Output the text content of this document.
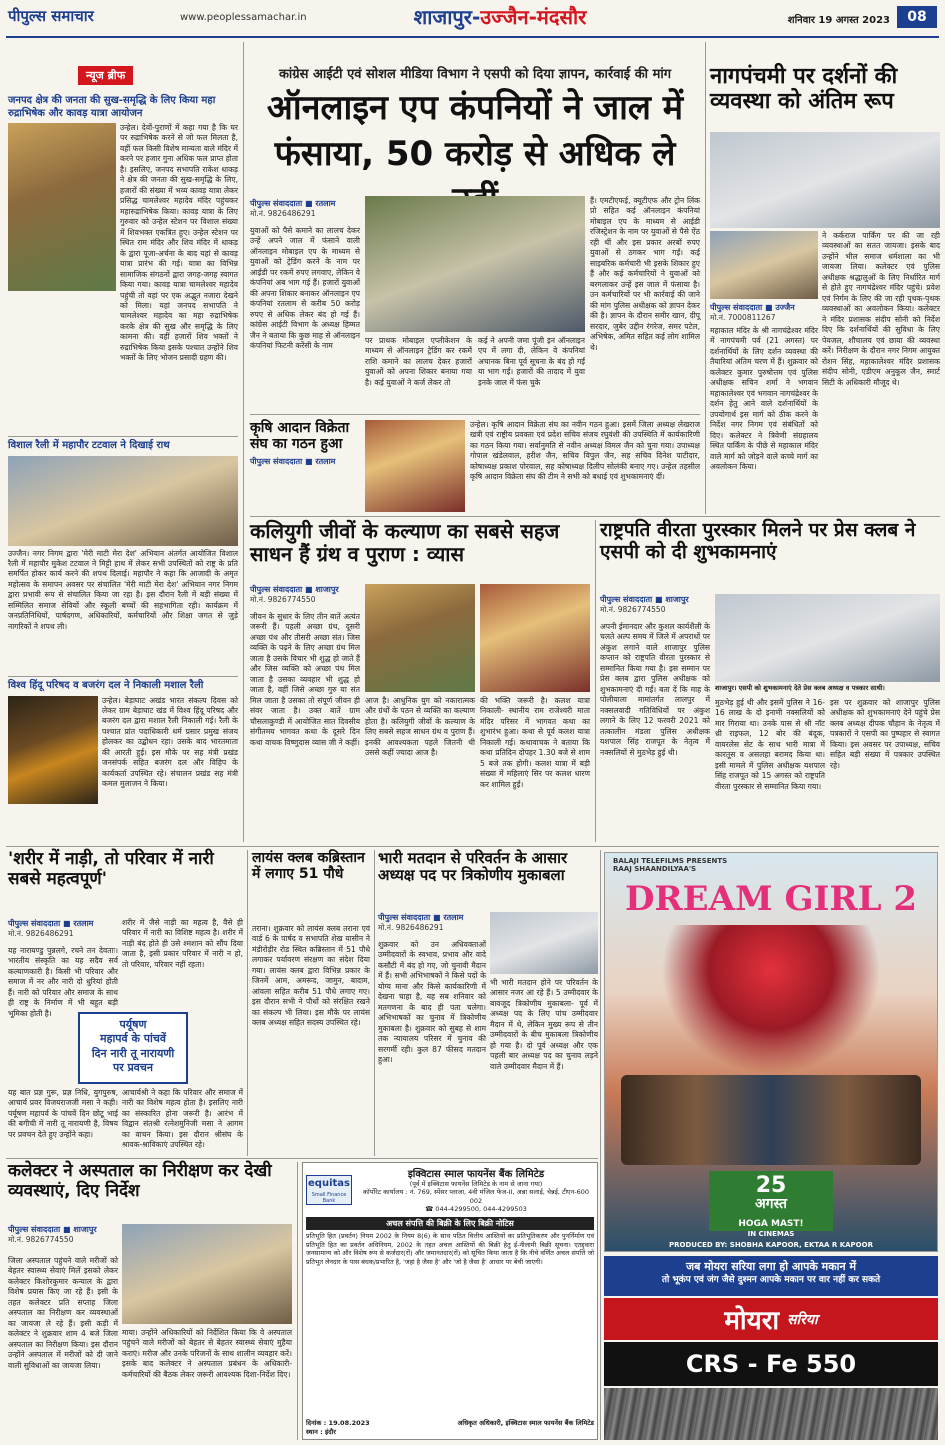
पीपुल्स समाचार	www.peoplessamachar.in	शाजापुर-उज्जैन-मंदसौर	शनिवार 19 अगस्त 2023	08
न्यूज ब्रीफ
जनपद क्षेत्र की जनता की सुख-समृद्धि के लिए किया महा रुद्राभिषेक और कावड़ यात्रा आयोजन
उन्हेल। देवों-पुराणों में कहा गया है कि घर पर रुद्राभिषेक करने से जो फल मिलता है, वहीं फल किसी विशेष मान्यता वाले मंदिर में करने पर हजार गुना अधिक फल प्राप्त होता है। इसलिए, जनपद सभापति राकेश धाकड़ ने क्षेत्र की जनता की सुख-समृद्धि के लिए, हजारों की संख्या में भव्य कावड़ यात्रा लेकर प्रसिद्ध चामलेश्वर महादेव मंदिर पहुंचकर महारुद्राभिषेक किया। कावड़ यात्रा के लिए गुरुवार को उन्हेल स्टेशन पर विशाल संख्या में शिवभक्त एकत्रित हुए। उन्हेल स्टेशन पर स्थित राम मंदिर और शिव मंदिर में धाकड़ के द्वारा पूजा-अर्चना के बाद यहां से कावड़ यात्रा प्रारंभ की गई। यात्रा का विभिन्न सामाजिक संगठनों द्वारा जगह-जगह स्वागत किया गया। कावड़ यात्रा चामलेश्वर महादेव पहुंची तो वहां पर एक अद्भुत नजारा देखने को मिला। यहां जनपद सभापति ने चामलेश्वर महादेव का महा रुद्राभिषेक करके क्षेत्र की सुख और समृद्धि के लिए कामना की। वहीं हजारों शिव भक्तों ने रुद्राभिषेक किया इसके पश्चात उन्होंने शिव भक्तों के लिए भोजन प्रसादी ग्रहण की।
विशाल रैली में महापौर टटवाल ने दिखाई राथ
उज्जैन। नगर निगम द्वारा 'मेरी माटी मेरा देश' अभियान अंतर्गत आयोजित विशाल रैली में महापौर मुकेश टटवाल ने मिट्टी हाथ में लेकर सभी उपस्थितों को राष्ट्र के प्रति समर्पित होकर कार्य करने की शपथ दिलाई। महापौर ने कहा कि आजादी के अमृत महोत्सव के समापन अवसर पर संचालित 'मेरी माटी मेरा देश' अभियान नगर निगम द्वारा प्रभावी रूप से संचालित किया जा रहा है। इस दौरान रैली में बड़ी संख्या में सम्मिलित समाज सेवियों और स्कूली बच्चों की सहभागिता रही। कार्यक्रम में जनप्रतिनिधियों, पार्षदगण, अधिकारियों, कर्मचारियों और शिक्षा जगत से जुड़े नागरिकों ने शपथ ली।
विश्व हिंदू परिषद व बजरंग दल ने निकाली मशाल रैली
उन्हेल। बेड़ाघाट अखंड भारत संकल्प दिवस को लेकर ग्राम बेड़ाघाट खंड में विश्व हिंदू परिषद और बजरंग दल द्वारा मशाल रैली निकाली गई। रैली के पश्चात प्रांत पदाधिकारी धर्म प्रसार प्रमुख संजय होलकर का उद्बोधन रहा। उसके बाद भारतमाता की आरती हुई। इस मौके पर सह मंत्री प्रखंड जनसंपर्क सहित बजरंग दल और विहिप के कार्यकर्ता उपस्थित रहे। संचालन प्रखंड सह मंत्री कमल मुलाजन ने किया।
कांग्रेस आईटी एवं सोशल मीडिया विभाग ने एसपी को दिया ज्ञापन, कार्रवाई की मांग
ऑनलाइन एप कंपनियों ने जाल में फंसाया, 50 करोड़ से अधिक ले
पीपुल्स संवाददाता ■ रतलाम
मो.नं. 9826486291
युवाओं को पैसे कमाने का लालच देकर उन्हें अपने जाल में फंसाने वाली ऑनलाइन मोबाइल एप के माध्यम से युवाओं को ट्रेडिंग करने के नाम पर आईडी पर रकमें रुपए लगवाए, लेकिन वे कंपनियां अब भाग गई हैं। हजारों युवाओं की अपना शिकार बनाकर ऑनलाइन एप कंपनियां रतलाम से करीब 50 करोड़ रुपए से अधिक लेकर बंद हो गई हैं। कांग्रेस आईटी विभाग के अध्यक्ष हिम्मत जैन ने बताया कि कुछ माह से ऑनलाइन कंपनियां फिटनी करेंसी के नाम
पर प्राथक मोबाइल एप्लीकेशन के माध्यम से ऑनलाइन ट्रेडिंग कर रकमें राशि कमाने का लालच देकर हजारों युवाओं को अपना शिकार बनाया गया है। कई युवाओं ने कर्ज लेकर तो
कई ने अपनी जमा पूंजी इन ऑनलाइन एप में लगा दी, लेकिन वे कंपनियां अचानक बिना पूर्व सूचना के बंद हो गईं या भाग गईं। हजारों की तादाद में युवा इनके जाल में फंस चुके
हैं। एमटीएफई, क्यूटीएफ और ट्रोन लिंक प्रो सहित कई ऑनलाइन कंपनियां मोबाइल एप के माध्यम से आईडी रजिस्ट्रेशन के नाम पर युवाओं से पैसे ऐंठ रही थीं और इस प्रकार अरबों रुपए युवाओं से ठगकर भाग गईं। कई साइबरिक कर्मचारी भी इसके शिकार हुए हैं और कई कर्मचारियों ने युवाओं को बरगलाकर उन्हें इस जाल में फंसाया है। उन कर्मचारियों पर भी कार्रवाई की जाने की मांग पुलिस अधीक्षक को ज्ञापन देकर की है। ज्ञापन के दौरान समीर खान, दीपू सरदार, जुबेर उद्दीन रंगरेज, समर पटेल, अभिषेक, अमित सहित कई लोग शामिल थे।
कृषि आदान विक्रेता संघ का गठन हुआ
पीपुल्स संवाददाता ■ रतलाम
उन्हेल। कृषि आदान विक्रेता संघ का नवीन गठन हुआ। इसमें जिला अध्यक्ष लेखराज खत्री एवं राष्ट्रीय प्रवक्ता एवं प्रदेश सचिव संजय रघुवंशी की उपस्थिति में कार्यकारिणी का गठन किया गया। सर्वानुमति से नवीन अध्यक्ष विमल जैन को चुना गया। उपाध्यक्ष गोपाल खंडेलवाल, हरीश जैन, सचिव विपुल जैन, सह सचिव दिनेश पाटीदार, कोषाध्यक्ष प्रकाश पोरवाल, सह कोषाध्यक्ष दिलीप सोलंकी बनाए गए। उन्हेल तहसील कृषि आदान विक्रेता संघ की टीम ने सभी को बधाई एवं शुभकामनाएं दीं।
नागपंचमी पर दर्शनों की व्यवस्था को अंतिम रूप
पीपुल्स संवाददाता ■ उज्जैन
मो.नं. 7000811267
महाकाल मंदिर के श्री नागचंद्रेश्वर मंदिर में नागपंचमी पर्व (21 अगस्त) पर दर्शनार्थियों के लिए दर्शन व्यवस्था की तैयारियां अंतिम चरण में हैं। शुक्रवार को कलेक्टर कुमार पुरुषोत्तम एवं पुलिस अधीक्षक सचिन शर्मा ने भगवान महाकालेश्वर एवं भगवान नागचंद्रेश्वर के दर्शन हेतु आने वाले दर्शनार्थियों के उपयोगार्थ इस मार्ग को ठीक करने के निर्देश नगर निगम एवं संबंधितों को दिए। कलेक्टर ने त्रिवेणी संग्रहालय स्थित पार्किंग के पीछे से महाकाल मंदिर वाले मार्ग को जोड़ने वाले कच्चे मार्ग का अवलोकन किया।
ने कर्कराज पार्किंग पर की जा रही व्यवस्थाओं का सतत जायजा। इसके बाद उन्होंने भील समाज धर्मशाला का भी जायजा लिया। कलेक्टर एवं पुलिस अधीक्षक श्रद्धालुओं के लिए निर्धारित मार्ग से होते हुए नागचंद्रेश्वर मंदिर पहुंचे। प्रवेश एवं निर्गम के लिए की जा रही पृथक-पृथक व्यवस्थाओं का अवलोकन किया। कलेक्टर ने मंदिर प्रशासक संदीप सोनी को निर्देश दिए कि दर्शनार्थियों की सुविधा के लिए पेयजल, शौचालय एवं छाया की व्यवस्था करें। निरीक्षण के दौरान नगर निगम आयुक्त रोशन सिंह, महाकालेश्वर मंदिर प्रशासक संदीप सोनी, एडीएम अनुकूल जैन, स्मार्ट सिटी के अधिकारी मौजूद थे।
कलियुगी जीवों के कल्याण का सबसे सहज साधन हैं ग्रंथ व पुराण : व्यास
पीपुल्स संवाददाता ■ शाजापुर
मो.नं. 9826774550
जीवन के सुधार के लिए तीन बातें अत्यंत जरूरी हैं। पहली अच्छा ग्रंथ, दूसरी अच्छा पंथ और तीसरी अच्छा संत। जिस व्यक्ति के पढ़ने के लिए अच्छा ग्रंथ मिल जाता है उसके विचार भी शुद्ध हो जाते हैं और जिस व्यक्ति को अच्छा पंथ मिल जाता है उसका व्यवहार भी शुद्ध हो जाता है, वहीं जिसे अच्छा गुरु या संत मिल जाता है उसका तो संपूर्ण जीवन ही संवर जाता है। उक्त बातें ग्राम चौसलाकुण्डी में आयोजित सात दिवसीय संगीतमय भागवत कथा के दूसरे दिन कथा वाचक विष्णुदास व्यास जी ने कहीं।
आज है। आधुनिक युग को नकारात्मक और ग्रंथों के पठन से व्यक्ति का कल्याण होता है। कलियुगी जीवों के कल्याण के लिए सबसे सहज साधन ग्रंथ व पुराण हैं। इनकी आवश्यकता पहले जितनी थी उससे कहीं ज्यादा आज है।
की भक्ति जरूरी है। कलश यात्रा निकाली- स्थानीय राम राजेश्वरी माता मंदिर परिसर में भागवत कथा का शुभारंभ हुआ। कथा से पूर्व कलश यात्रा निकाली गई। कथावाचक ने बताया कि कथा प्रतिदिन दोपहर 1.30 बजे से शाम 5 बजे तक होगी। कलश यात्रा में बड़ी संख्या में महिलाएं सिर पर कलश धारण कर शामिल हुईं।
राष्ट्रपति वीरता पुरस्कार मिलने पर प्रेस क्लब ने एसपी को दी शुभकामनाएं
पीपुल्स संवाददाता ■ शाजापुर
मो.नं. 9826774550
अपनी ईमानदार और कुशल कार्यशैली के चलते अल्प समय में जिले में अपराधों पर अंकुश लगाने वाले शाजापुर पुलिस कप्तान को राष्ट्रपति वीरता पुरस्कार से सम्मानित किया गया है। इस सम्मान पर प्रेस क्लब द्वारा पुलिस अधीक्षक को शुभकामनाएं दी गईं। बता दें कि माह के पोलीयाला मामांतर्गत लालपुर में नक्सलवादी गतिविधियों पर अंकुश लगाने के लिए 12 फरवरी 2021 को तत्कालीन मंडला पुलिस अधीक्षक यशपाल सिंह राजपूत के नेतृत्व में नक्सलियों से मुठभेड़ हुई थी।
शाजापुर। एसपी को शुभकामनाएं देते प्रेस क्लब अध्यक्ष व पत्रकार साथी।
मुठभेड़ हुई थी और इसमें पुलिस ने 16-16 लाख के दो इनामी नक्सलियों को मार गिराया था। उनके पास से श्री नॉट थ्री राइफल, 12 बोर की बंदूक, वायरलेस सेट के साथ भारी मात्रा में कारतूस व असलहा बरामद किया था। इसी मामले में पुलिस अधीक्षक यशपाल सिंह राजपूत को 15 अगस्त को राष्ट्रपति वीरता पुरस्कार से सम्मानित किया गया।
इस पर शुक्रवार को शाजापुर पुलिस अधीक्षक को शुभकामनाएं देने पहुंचे प्रेस क्लब अध्यक्ष दीपक चौहान के नेतृत्व में पत्रकारों ने एसपी का पुष्पहार से स्वागत किया। इस अवसर पर उपाध्यक्ष, सचिव सहित बड़ी संख्या में पत्रकार उपस्थित रहे।
'शरीर में नाड़ी, तो परिवार में नारी सबसे महत्वपूर्ण'
पीपुल्स संवाददाता ■ रतलाम
मो.नं. 9826486291
यह नारायण्डु पुन्नलगे, रचने तन देवताः। भारतीय संस्कृति का यह सदैव सर्व कल्याणकारी है। किसी भी परिवार और समाज में नर और नारी दो धुरियां होती हैं। नारी को परिवार और समाज के साथ ही राष्ट्र के निर्माण में भी बहुत बड़ी भूमिका होती है।
शरीर में जैसे नाड़ी का महत्व है, वैसे ही परिवार में नारी का विशिष्ट महत्व है। शरीर में नाड़ी बंद होते ही उसे श्मशान को सौंप दिया जाता है, इसी प्रकार परिवार में नारी न हो, तो परिवार, परिवार नहीं रहता।
पर्यूषण
महापर्व के पांचवें
दिन नारी तू नारायणी
पर प्रवचन
यह बात प्रज्ञ गुरू, प्रज्ञ निधि, युगपुरुष, आचार्य प्रवर विजयराजजी मसा ने कही। पर्यूषण महापर्व के पांचवें दिन छोटू भाई की बगीची में नारी तू नारायणी है, विषय पर प्रवचन देते हुए उन्होंने कहा।
आचार्यश्री ने कहा कि परिवार और समाज में नारी का विशेष महत्व होता है। इसलिए नारी का संस्कारित होना जरूरी है। आरंभ में विद्वान संतश्री रत्नेशमुनिजी मसा ने आगम का वाचन किया। इस दौरान श्रीसंघ के श्रावक-श्राविकाएं उपस्थित रहे।
लायंस क्लब कब्रिस्तान में लगाए 51 पौधे
तराना। शुक्रवार को लायंस क्लब तराना एवं वार्ड 6 के पार्षद व सभापति शेख यासीन ने मंडीरोड़ीर रोड स्थित कब्रिस्तान में 51 पौधे लगाकर पर्यावरण संरक्षण का संदेश दिया गया। लायंस क्लब द्वारा विभिन्न प्रकार के जिनमें आम, अमरूद, जामुन, बादाम, आंवला सहित करीब 51 पौधे लगाए गए। इस दौरान सभी ने पौधों को संरक्षित रखने का संकल्प भी लिया। इस मौके पर लायंस क्लब अध्यक्ष सहित सदस्य उपस्थित रहे।
भारी मतदान से परिवर्तन के आसार अध्यक्ष पद पर त्रिकोणीय मुकाबला
पीपुल्स संवाददाता ■ रतलाम
मो.नं. 9826486291
शुक्रवार को उन अधिवक्ताओं उम्मीदवारों के स्वभाव, प्रभाव और वादे कसौटी में बंद हो गए, जो चुनावी मैदान में हैं। सभी अभिभाषकों ने किसे पदों के योग्य माना और किसे कार्यकारिणी में देखना चाहा है, यह सब शनिवार को मतगणना के बाद ही पता चलेगा। अभिभाषकों का चुनाव में त्रिकोणीय मुकाबला है। शुक्रवार को सुबह से शाम तक न्यायालय परिसर में चुनाव की सरगर्मी रही। कुल 87 फीसद मतदान हुआ।
भी भारी मतदान होने पर परिवर्तन के आसार नजर आ रहे हैं। 5 उम्मीदवार के बावजूद त्रिकोणीय मुकाबला- पूर्व में अध्यक्ष पद के लिए पांच उम्मीदवार मैदान में थे, लेकिन मुख्य रूप से तीन उम्मीदवारों के बीच मुकाबला त्रिकोणीय हो गया है। दो पूर्व अध्यक्ष और एक पहली बार अध्यक्ष पद का चुनाव लड़ने वाले उम्मीदवार मैदान में हैं।
कलेक्टर ने अस्पताल का निरीक्षण कर देखी व्यवस्थाएं, दिए निर्देश
पीपुल्स संवाददाता ■ शाजापुर
मो.नं. 9826774550
जिला अस्पताल पहुंचने वाले मरीजों को बेहतर स्वास्थ्य सेवाएं मिलें इसको लेकर कलेक्टर किशोरकुमार कन्याल के द्वारा विशेष प्रयास किए जा रहे हैं। इसी के तहत कलेक्टर प्रति सप्ताह जिला अस्पताल का निरीक्षण कर व्यवस्थाओं का जायजा ले रहे हैं। इसी कड़ी में कलेक्टर ने शुक्रवार शाम 4 बजे जिला अस्पताल का निरीक्षण किया। इस दौरान उन्होंने अस्पताल में मरीजों को दी जाने वाली सुविधाओं का जायजा लिया।
माया। उन्होंने अधिकारियों को निर्देशित किया कि वे अस्पताल पहुंचने वाले मरीजों को बेहतर से बेहतर स्वास्थ्य सेवाएं मुहैया कराएं। मरीज और उनके परिजनों के साथ शालीन व्यवहार करें। इसके बाद कलेक्टर ने अस्पताल प्रबंधन के अधिकारी-कर्मचारियों की बैठक लेकर जरूरी आवश्यक दिशा-निर्देश दिए।
equitas
Small Finance Bank
इक्विटास स्माल फायनेंस बैंक लिमिटेड
(पूर्व में इक्विटास फायनेंस लिमिटेड के नाम से जाना गया)
कॉर्पोरेट कार्यालय : नं. 769, स्पेंसर प्लाजा, 4वी मंजिल फेज-II, अन्ना सलाई, चेन्नई, टीएन-600 002
☎ 044-4299500, 044-4299503
अचल संपत्ति की बिक्री के लिए बिक्री नोटिस
प्रतिभूति हित (प्रवर्तन) नियम 2002 के नियम 8(6) के साथ पठित वित्तीय आस्तियों का प्रतिभूतिकरण और पुनर्निर्माण एवं प्रतिभूति हित का प्रवर्तन अधिनियम, 2002 के तहत अचल आस्तियों की बिक्री हेतु ई-नीलामी बिक्री सूचना। एतद्द्वारा जनसामान्य को और विशेष रूप से कर्जदार(रों) और जमानतदार(रों) को सूचित किया जाता है कि नीचे वर्णित अचल संपत्ति जो प्रतिभूत लेनदार के पास बंधक/प्रभारित है, 'जहां है जैसा है' और 'जो है जैसा है' आधार पर बेची जाएगी।
दिनांक : 19.08.2023	अधिकृत अधिकारी, इक्विटास स्माल फायनेंस बैंक लिमिटेड
स्थान : इंदौर
BALAJI TELEFILMS PRESENTS RAAJ SHAANDILYAA'S
DREAM GIRL 2
25
अगस्त
HOGA MAST!
IN CINEMAS
PRODUCED BY: SHOBHA KAPOOR, EKTAA R KAPOOR
जब मोयरा सरिया लगा हो आपके मकान में
तो भूकंप एवं जंग जैसे दुश्मन आपके मकान पर वार नहीं कर सकते
मोयरा सरिया
CRS - Fe 550
